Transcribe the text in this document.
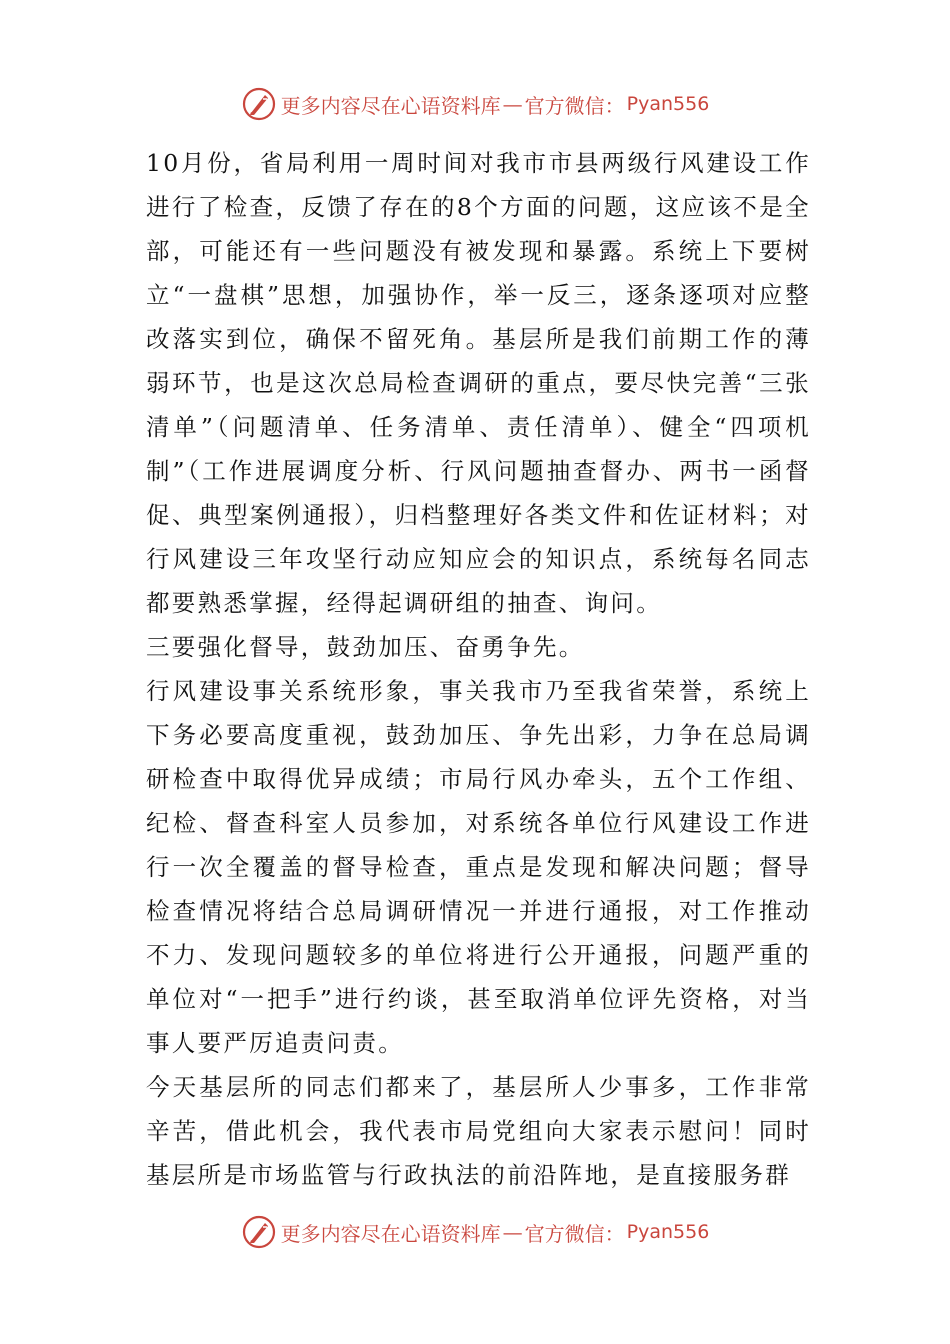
更多内容尽在心语资料库 — 官方微信： Pyan556

10月份，省局利用一周时间对我市市县两级行风建设工作进行了检查，反馈了存在的8个方面的问题，这应该不是全部，可能还有一些问题没有被发现和暴露。系统上下要树立“一盘棋”思想，加强协作，举一反三，逐条逐项对应整改落实到位，确保不留死角。基层所是我们前期工作的薄弱环节，也是这次总局检查调研的重点，要尽快完善“三张清单”（问题清单、任务清单、责任清单）、健全“四项机制”（工作进展调度分析、行风问题抽查督办、两书一函督促、典型案例通报），归档整理好各类文件和佐证材料；对行风建设三年攻坚行动应知应会的知识点，系统每名同志都要熟悉掌握，经得起调研组的抽查、询问。

三要强化督导，鼓劲加压、奋勇争先。

行风建设事关系统形象，事关我市乃至我省荣誉，系统上下务必要高度重视，鼓劲加压、争先出彩，力争在总局调研检查中取得优异成绩；市局行风办牵头，五个工作组、纪检、督查科室人员参加，对系统各单位行风建设工作进行一次全覆盖的督导检查，重点是发现和解决问题；督导检查情况将结合总局调研情况一并进行通报，对工作推动不力、发现问题较多的单位将进行公开通报，问题严重的单位对“一把手”进行约谈，甚至取消单位评先资格，对当事人要严厉追责问责。

今天基层所的同志们都来了，基层所人少事多，工作非常辛苦，借此机会，我代表市局党组向大家表示慰问！同时基层所是市场监管与行政执法的前沿阵地，是直接服务群

更多内容尽在心语资料库 — 官方微信： Pyan556
